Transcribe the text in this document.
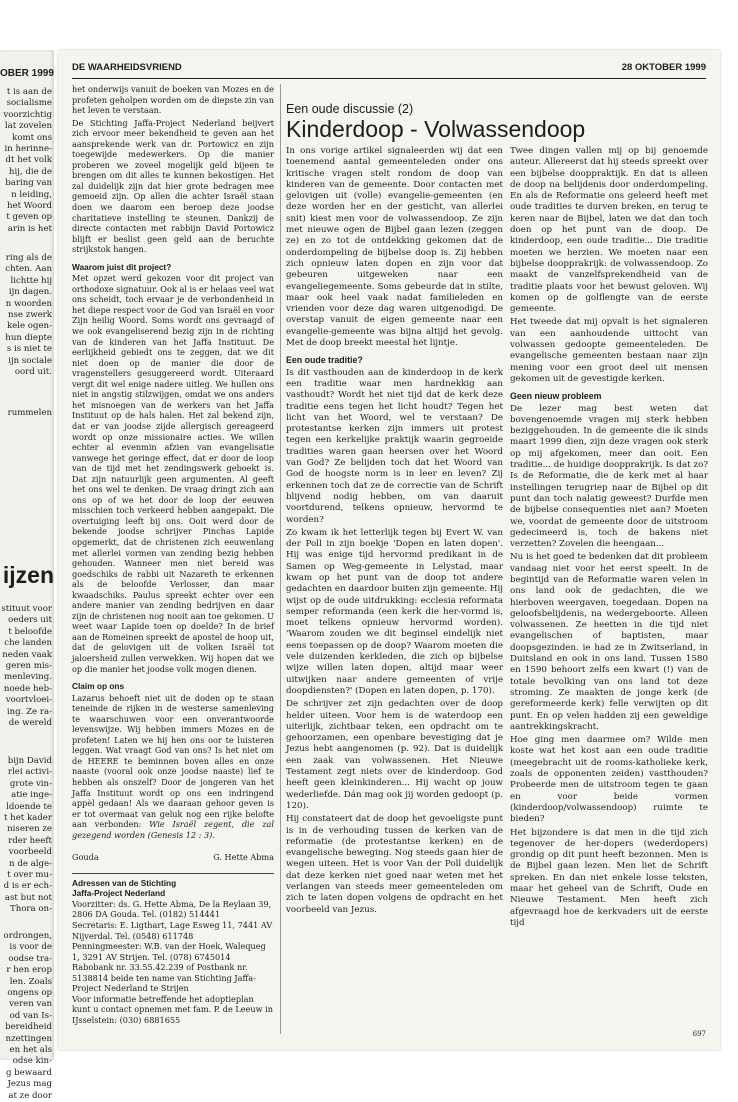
OBER 1999
t is aan de
socialisme
voorzichtig
lat zovelen
komt ons
in herinne-
dt het volk
hij, die de
baring van
n leiding,
het Woord
t geven op
arin is het
ring als de
chten. Aan
lichtte hij
ijn dagen.
n woorden
nse zwerk
kele ogen-
hun diepte
s is niet te
ijn sociale
oord uit.
rummelen
ijzen
stituut voor
oeders uit
t beloofde
che landen
neden vaak
geren mis-
menleving.
noede heb-
voortvloei-
ing. Ze ra-
de wereld
bijn David
rlei activi-
grote vin-
atie inge-
ldoende te
t het kader
niseren ze
rder heeft
voorbeeld
n de alge-
t over mu-
d is er ech-
ast but not
Thora on-
ordrongen,
is voor de
oodse tra-
r hen erop
len. Zoals
ongens op
veren van
od van Is-
bereidheid
nzettingen
en het als
odse kin-
g bewaard
Jezus mag
at ze door
DE WAARHEIDSVRIEND	28 OKTOBER 1999

het onderwijs vanuit de boeken van Mozes en de profeten geholpen worden om de diepste zin van het leven te verstaan.

De Stichting Jaffa-Project Nederland beijvert zich ervoor meer bekendheid te geven aan het aansprekende werk van dr. Portowicz en zijn toegewijde medewerkers. Op die manier proberen we zoveel mogelijk geld bijeen te brengen om dit alles te kunnen bekostigen. Het zal duidelijk zijn dat hier grote bedragen mee gemoeid zijn. Op allen die achter Israël staan doen we daarom een beroep deze joodse charitatieve instelling te steunen. Dankzij de directe contacten met rabbijn David Portowicz blijft er beslist geen geld aan de beruchte strijkstok hangen.

Waarom juist dit project?

Met opzet werd gekozen voor dit project van orthodoxe signatuur. Ook al is er helaas veel wat ons scheidt, toch ervaar je de verbondenheid in het diepe respect voor de God van Israël en voor Zijn heilig Woord. Soms wordt ons gevraagd of we ook evangeliserend bezig zijn in de richting van de kinderen van het Jaffa Instituut. De eerlijkheid gebiedt ons te zeggen, dat we dit niet doen op de manier die door de vragenstellers gesuggereerd wordt. Uiteraard vergt dit wel enige nadere uitleg. We hullen ons niet in angstig stilzwijgen, omdat we ons anders het misnoegen van de werkers van het Jaffa Instituut op de hals halen. Het zal bekend zijn, dat er van joodse zijde allergisch gereageerd wordt op onze missionaire acties. We willen echter al evenmin afzien van evangelisatie vanwege het geringe effect, dat er door de loop van de tijd met het zendingswerk geboekt is. Dat zijn natuurlijk geen argumenten. Al geeft het ons wel te denken. De vraag dringt zich aan ons op of we het door de loop der eeuwen misschien toch verkeerd hebben aangepakt. Die overtuiging leeft bij ons. Ooit werd door de bekende joodse schrijver Pinchas Lapide opgemerkt, dat de christenen zich eeuwenlang met allerlei vormen van zending bezig hebben gehouden. Wanneer men niet bereid was goedschiks de rabbi uit Nazareth te erkennen als de beloofde Verlosser, dan maar kwaadschiks. Paulus spreekt echter over een andere manier van zending bedrijven en daar zijn de christenen nog nooit aan toe gekomen. U weet waar Lapide toen op doelde? In de brief aan de Romeinen spreekt de apostel de hoop uit, dat de gelovigen uit de volken Israël tot jaloersheid zullen verwekken. Wij hopen dat we op die manier het joodse volk mogen dienen.

Claim op ons

Lazarus behoeft niet uit de doden op te staan teneinde de rijken in de westerse samenleving te waarschuwen voor een onverantwoorde levenswijze. Wij hebben immers Mozes en de profeten! Laten we hij hen ons oor te luisteren leggen. Wat vraagt God van ons? Is het niet om de HEERE te beminnen boven alles en onze naaste (vooral ook onze joodse naaste) lief te hebben als onszelf? Door de jongeren van het Jaffa Instituut wordt op ons een indringend appèl gedaan! Als we daaraan gehoor geven is er tot overmaat van geluk nog een rijke belofte aan verbonden: Wie Israël zegent, die zal gezegend worden (Genesis 12 : 3).

Gouda	G. Hette Abma
Adressen van de Stichting
Jaffa-Project Nederland

Voorzitter: ds. G. Hette Abma, De la Reylaan 39, 2806 DA Gouda. Tel. (0182) 514441
Secretaris: E. Ligthart, Lage Esweg 11, 7441 AV Nijverdal. Tel. (0548) 611748
Penningmeester: W.B. van der Hoek, Walequeg 1, 3291 AV Strijen. Tel. (078) 6745014
Rabobank nr. 33.55.42.239 of Postbank nr. 5138814 beide ten name van Stichting Jaffa-Project Nederland te Strijen
Voor informatie betreffende het adoptieplan kunt u contact opnemen met fam. P. de Leeuw in IJsselstein: (030) 6881655

Een oude discussie (2)
Kinderdoop - Volwassendoop

In ons vorige artikel signaleerden wij dat een toenemend aantal gemeenteleden onder ons kritische vragen stelt rondom de doop van kinderen van de gemeente. Door contacten met gelovigen uit (volle) evangelie-gemeenten (en deze worden her en der gesticht, van allerlei snit) kiest men voor de volwassendoop. Ze zijn met nieuwe ogen de Bijbel gaan lezen (zeggen ze) en zo tot de ontdekking gekomen dat de onderdompeling de bijbelse doop is. Zij hebben zich opnieuw laten dopen en zijn voor dat gebeuren uitgeweken naar een evangeliegemeente. Soms gebeurde dat in stilte, maar ook heel vaak nadat familieleden en vrienden voor deze dag waren uitgenodigd. De overstap vanuit de eigen gemeente naar een evangelie-gemeente was bijna altijd het gevolg. Met de doop breekt meestal het lijntje.

Een oude traditie?

Is dit vasthouden aan de kinderdoop in de kerk een traditie waar men hardnekkig aan vasthoudt? Wordt het niet tijd dat de kerk deze traditie eens tegen het licht houdt? Tegen het licht van het Woord, wel te verstaan? De protestantse kerken zijn immers uit protest tegen een kerkelijke praktijk waarin gegroeide tradities waren gaan heersen over het Woord van God? Ze belijden toch dat het Woord van God de hoogste norm is in leer en leven? Zij erkennen toch dat ze de correctie van de Schrift blijvend nodig hebben, om van daaruit voortdurend, telkens opnieuw, hervormd te worden?

Zo kwam ik het letterlijk tegen bij Evert W. van der Poll in zijn boekje 'Dopen en laten dopen'. Hij was enige tijd hervormd predikant in de Samen op Weg-gemeente in Lelystad, maar kwam op het punt van de doop tot andere gedachten en daardoor buiten zijn gemeente. Hij wijst op de oude uitdrukking: ecclesia reformata semper reformanda (een kerk die her-vormd is, moet telkens opnieuw hervormd worden). 'Waarom zouden we dit beginsel eindelijk niet eens toepassen op de doop? Waarom moeten die vele duizenden kerkleden, die zich op bijbelse wijze willen laten dopen, altijd maar weer uitwijken naar andere gemeenten of vrije doopdiensten?' (Dopen en laten dopen, p. 170).

De schrijver zet zijn gedachten over de doop helder uiteen. Voor hem is de waterdoop een uiterlijk, zichtbaar teken, een opdracht om te gehoorzamen, een openbare bevestiging dat je Jezus hebt aangenomen (p. 92). Dat is duidelijk een zaak van volwassenen. Het Nieuwe Testament zegt niets over de kinderdoop. God heeft geen kleinkinderen... Hij wacht op jouw wederliefde. Dán mag ook jij worden gedoopt (p. 120).

Hij constateert dat de doop het gevoeligste punt is in de verhouding tussen de kerken van de reformatie (de protestantse kerken) en de evangelische beweging. Nog steeds gaan hier de wegen uiteen. Het is voor Van der Poll duidelijk dat deze kerken niet goed naar weten met het verlangen van steeds meer gemeenteleden om zich te laten dopen volgens de opdracht en het voorbeeld van Jezus.

Twee dingen vallen mij op bij genoemde auteur. Allereerst dat hij steeds spreekt over een bijbelse dooppraktijk. En dat is alleen de doop na belijdenis door onderdompeling. En als de Reformatie ons geleerd heeft met oude tradities te durven breken, en terug te keren naar de Bijbel, laten we dat dan toch doen op het punt van de doop. De kinderdoop, een oude traditie... Die traditie moeten we herzien. We moeten naar een bijbelse doopprakrijk: de volwassendoop. Zo maakt de vanzelfsprekendheid van de traditie plaats voor het bewust geloven. Wij komen op de golflengte van de eerste gemeente.

Het tweede dat mij opvalt is het signaleren van een aanhoudende uittocht van volwassen gedoopte gemeenteleden. De evangelische gemeenten bestaan naar zijn mening voor een groot deel uit mensen gekomen uit de gevestigde kerken.

Geen nieuw probleem

De lezer mag best weten dat bovengenoemde vragen mij sterk hebben beziggehouden. In de gemeente die ik sinds maart 1999 dien, zijn deze vragen ook sterk op mij afgekomen, meer dan ooit. Een traditie... de huidige doopprakrijk. Is dat zo? Is de Reformatie, die de kerk met al haar instellingen terugriep naar de Bijbel op dit punt dan toch nalatig geweest? Durfde men de bijbelse consequenties niet aan? Moeten we, voordat de gemeente door de uitstroom gedecimeerd is, toch de bakens niet verzetten? Zovelen die heengaan...

Nu is het goed te bedenken dat dit probleem vandaag niet voor het eerst speelt. In de begintijd van de Reformatie waren velen in ons land ook de gedachten, die we hierboven weergaven, toegedaan. Dopen na geloofsbelijdenis, na wedergeboorte. Alleen volwassenen. Ze heetten in die tijd niet evangelischen of baptisten, maar doopsgezinden. ie had ze in Zwitserland, in Duitsland en ook in ons land. Tussen 1580 en 1590 behoort zelfs een kwart (!) van de totale bevolking van ons land tot deze stroming. Ze maakten de jonge kerk (de gereformeerde kerk) felle verwijten op dit punt. En op velen hadden zij een geweldige aantrekkingskracht.

Hoe ging men daarmee om? Wilde men koste wat het kost aan een oude traditie (meegebracht uit de rooms-katholieke kerk, zoals de opponenten zeiden) vastthouden? Probeerde men de uitstroom tegen te gaan en voor beide vormen (kinderdoop/volwassendoop) ruimte te bieden?

Het bijzondere is dat men in die tijd zich tegenover de her-dopers (wederdopers) grondig op dit punt heeft bezonnen. Men is de Bijbel gaan lezen. Men liet de Schrift spreken. En dan niet enkele losse teksten, maar het geheel van de Schrift, Oude en Nieuwe Testament. Men heeft zich afgevraagd hoe de kerkvaders uit de eerste tijd

697
